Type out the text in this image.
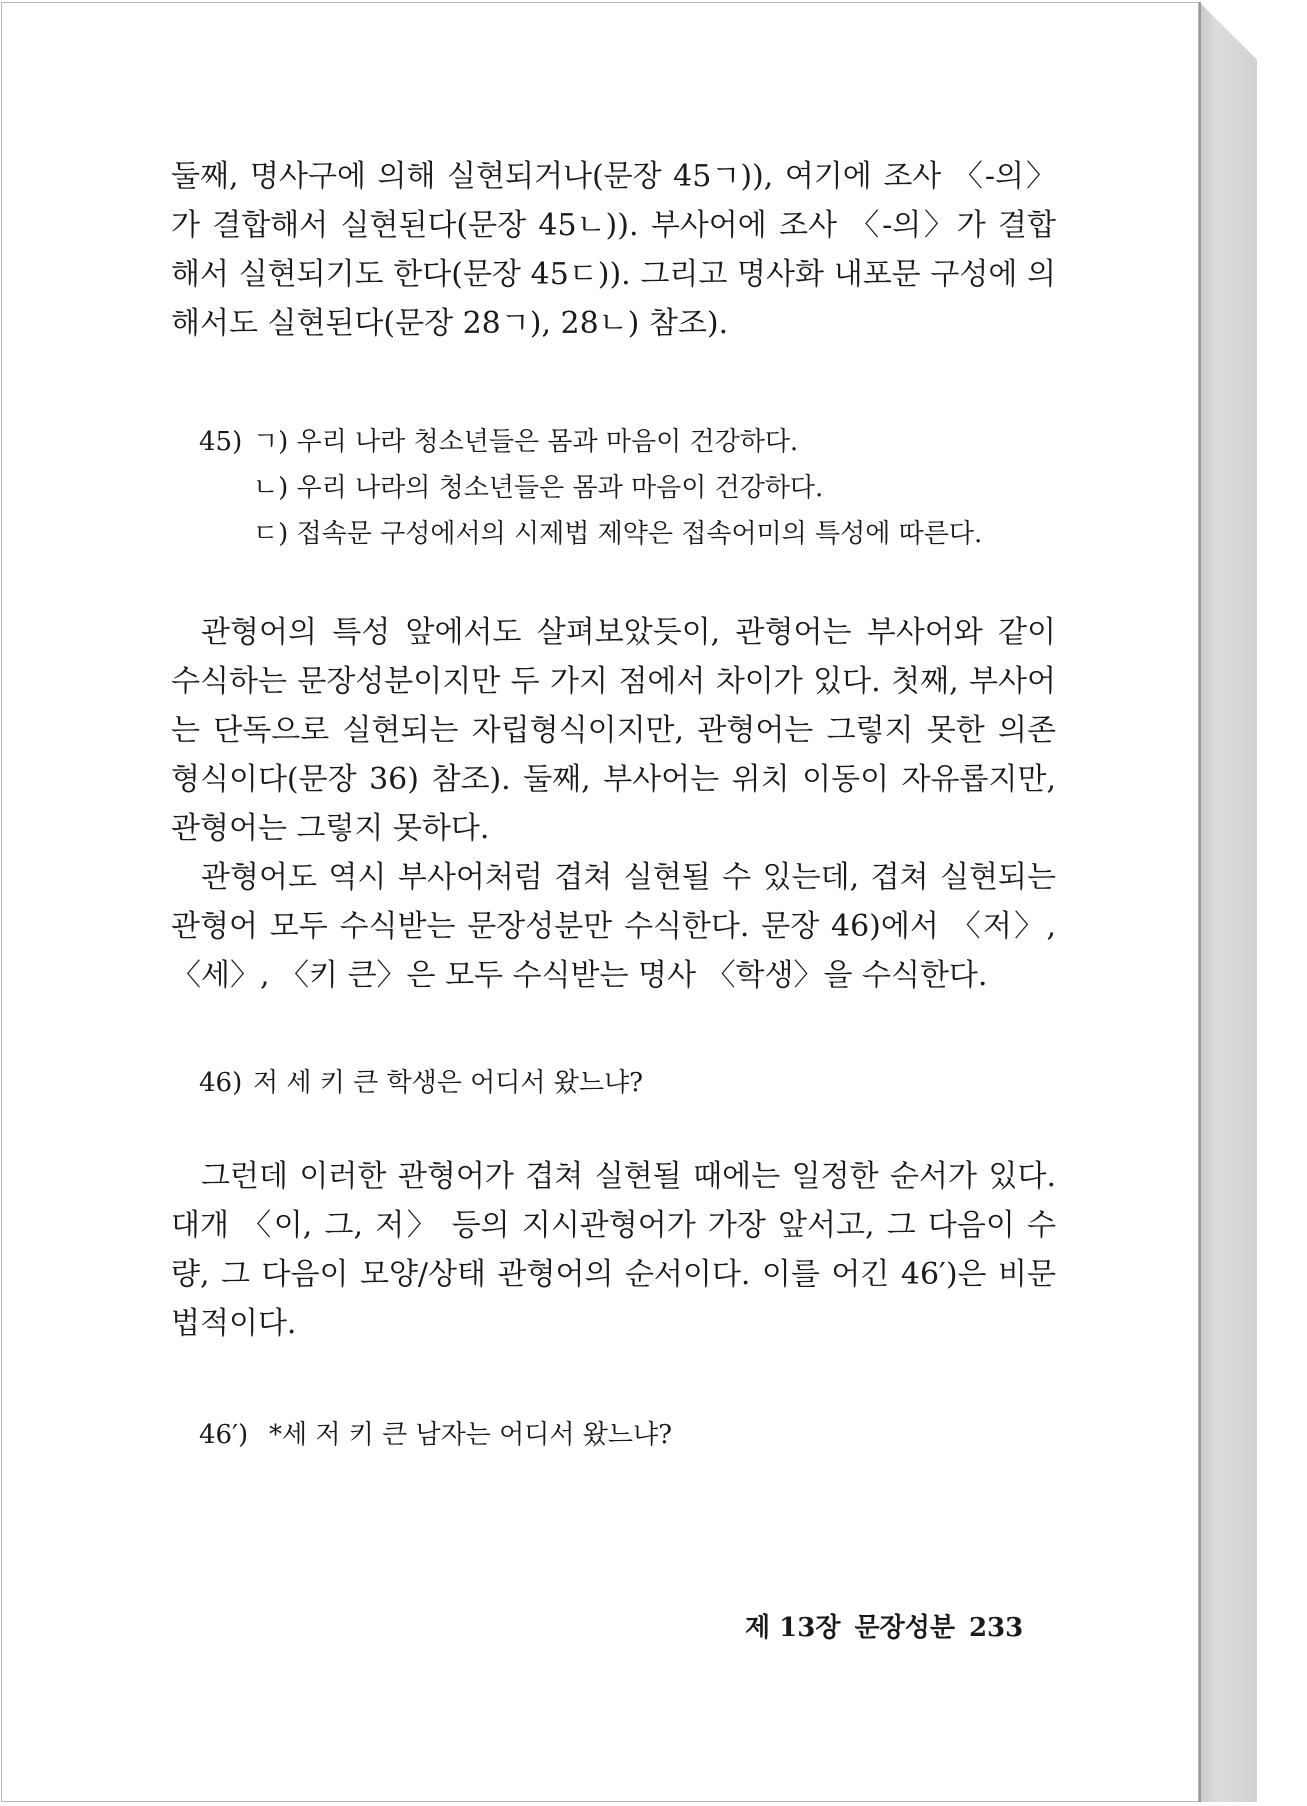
둘째, 명사구에 의해 실현되거나(문장 45ㄱ)), 여기에 조사 〈-의〉가 결합해서 실현된다(문장 45ㄴ)). 부사어에 조사 〈-의〉가 결합해서 실현되기도 한다(문장 45ㄷ)). 그리고 명사화 내포문 구성에 의해서도 실현된다(문장 28ㄱ), 28ㄴ) 참조).

45) ㄱ) 우리 나라 청소년들은 몸과 마음이 건강하다.
ㄴ) 우리 나라의 청소년들은 몸과 마음이 건강하다.
ㄷ) 접속문 구성에서의 시제법 제약은 접속어미의 특성에 따른다.

관형어의 특성 앞에서도 살펴보았듯이, 관형어는 부사어와 같이 수식하는 문장성분이지만 두 가지 점에서 차이가 있다. 첫째, 부사어는 단독으로 실현되는 자립형식이지만, 관형어는 그렇지 못한 의존형식이다(문장 36) 참조). 둘째, 부사어는 위치 이동이 자유롭지만, 관형어는 그렇지 못하다.

관형어도 역시 부사어처럼 겹쳐 실현될 수 있는데, 겹쳐 실현되는 관형어 모두 수식받는 문장성분만 수식한다. 문장 46)에서 〈저〉, 〈세〉, 〈키 큰〉은 모두 수식받는 명사 〈학생〉을 수식한다.

46) 저 세 키 큰 학생은 어디서 왔느냐?

그런데 이러한 관형어가 겹쳐 실현될 때에는 일정한 순서가 있다. 대개 〈이, 그, 저〉 등의 지시관형어가 가장 앞서고, 그 다음이 수량, 그 다음이 모양/상태 관형어의 순서이다. 이를 어긴 46′)은 비문법적이다.

46′) *세 저 키 큰 남자는 어디서 왔느냐?
제 13장 문장성분 233
